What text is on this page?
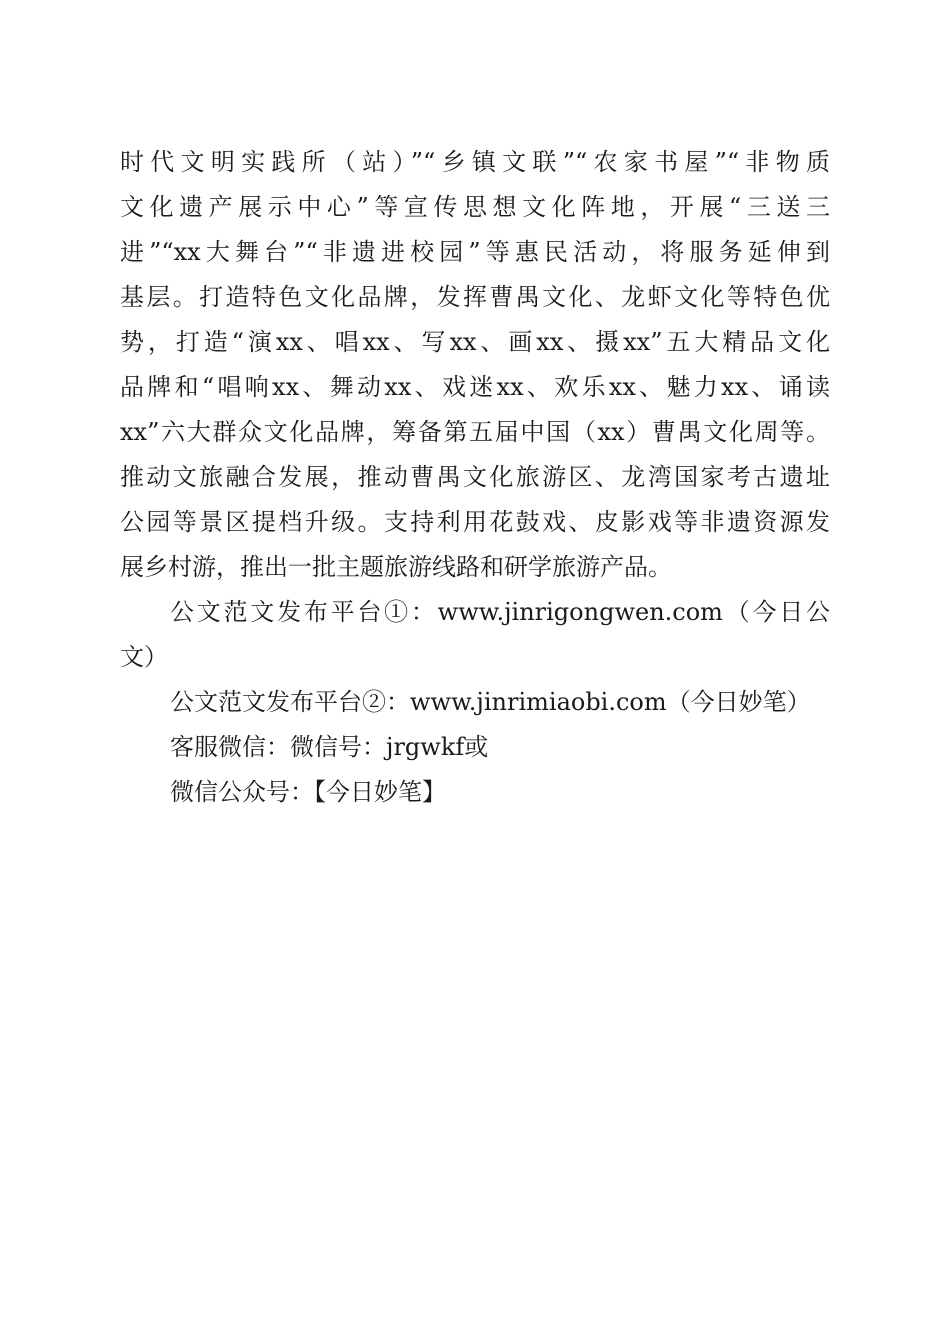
时代文明实践所（站）”“乡镇文联”“农家书屋”“非物质
文化遗产展示中心”等宣传思想文化阵地，开展“三送三
进”“xx大舞台”“非遗进校园”等惠民活动，将服务延伸到
基层。打造特色文化品牌，发挥曹禺文化、龙虾文化等特色优
势，打造“演xx、唱xx、写xx、画xx、摄xx”五大精品文化
品牌和“唱响xx、舞动xx、戏迷xx、欢乐xx、魅力xx、诵读
xx”六大群众文化品牌，筹备第五届中国（xx）曹禺文化周等。
推动文旅融合发展，推动曹禺文化旅游区、龙湾国家考古遗址
公园等景区提档升级。支持利用花鼓戏、皮影戏等非遗资源发
展乡村游，推出一批主题旅游线路和研学旅游产品。
公文范文发布平台①：www.jinrigongwen.com（今日公
文）
公文范文发布平台②：www.jinrimiaobi.com（今日妙笔）
客服微信：微信号：jrgwkf或
微信公众号：【今日妙笔】
